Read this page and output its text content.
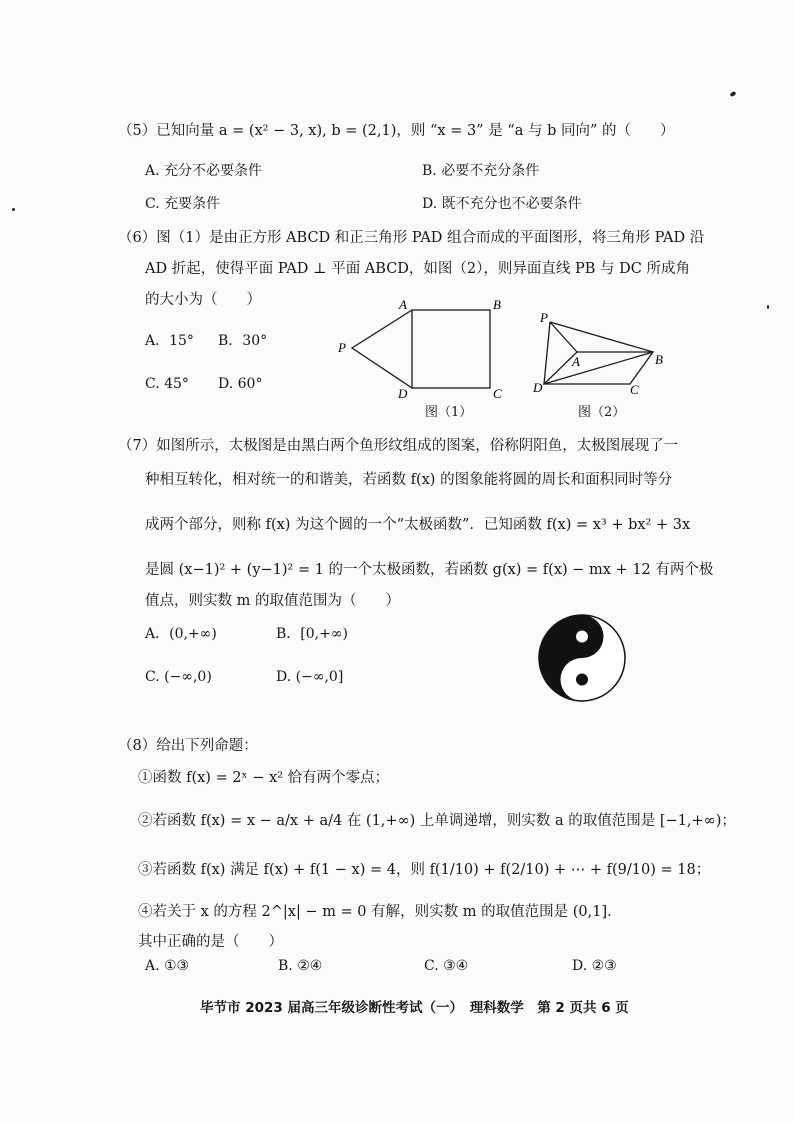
（5）已知向量 a = (x² − 3, x), b = (2,1)，则 “x = 3” 是 “a 与 b 同向” 的（　　）
A. 充分不必要条件	B. 必要不充分条件
C. 充要条件	D. 既不充分也不必要条件
（6）图（1）是由正方形 ABCD 和正三角形 PAD 组合而成的平面图形，将三角形 PAD 沿
AD 折起，使得平面 PAD ⊥ 平面 ABCD，如图（2），则异面直线 PB 与 DC 所成角
的大小为（　　）
A．15° B．30°
C. 45° D. 60°
A	B
C
D
P
图（1）
P
A	B
C
D
图（2）
（7）如图所示，太极图是由黑白两个鱼形纹组成的图案，俗称阴阳鱼，太极图展现了一
种相互转化，相对统一的和谐美，若函数 f(x) 的图象能将圆的周长和面积同时等分
成两个部分，则称 f(x) 为这个圆的一个“太极函数”．已知函数 f(x) = x³ + bx² + 3x
是圆 (x−1)² + (y−1)² = 1 的一个太极函数，若函数 g(x) = f(x) − mx + 12 有两个极
值点，则实数 m 的取值范围为（　　）
A．(0,+∞)	B．[0,+∞)
C. (−∞,0)	D. (−∞,0]
（8）给出下列命题：
①函数 f(x) = 2ˣ − x² 恰有两个零点；
②若函数 f(x) = x − a/x + a/4 在 (1,+∞) 上单调递增，则实数 a 的取值范围是 [−1,+∞)；
③若函数 f(x) 满足 f(x) + f(1 − x) = 4，则 f(1/10) + f(2/10) + ⋯ + f(9/10) = 18；
④若关于 x 的方程 2^|x| − m = 0 有解，则实数 m 的取值范围是 (0,1]．
其中正确的是（　　）
A. ①③	B. ②④	C. ③④	D. ②③
毕节市 2023 届高三年级诊断性考试（一）　理科数学　第 2 页共 6 页
